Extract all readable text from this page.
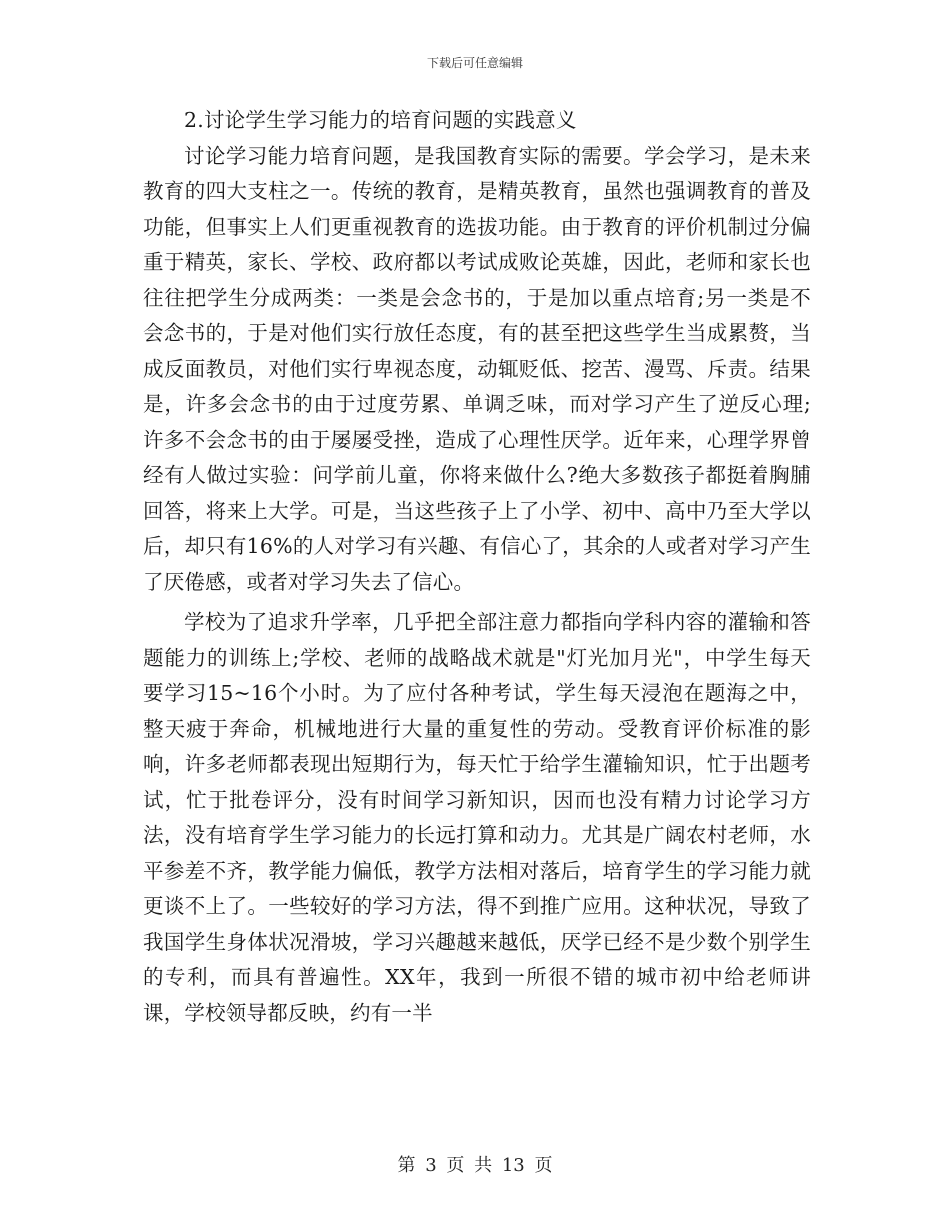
下载后可任意编辑

2.讨论学生学习能力的培育问题的实践意义

讨论学习能力培育问题，是我国教育实际的需要。学会学习，是未来教育的四大支柱之一。传统的教育，是精英教育，虽然也强调教育的普及功能，但事实上人们更重视教育的选拔功能。由于教育的评价机制过分偏重于精英，家长、学校、政府都以考试成败论英雄，因此，老师和家长也往往把学生分成两类：一类是会念书的，于是加以重点培育;另一类是不会念书的，于是对他们实行放任态度，有的甚至把这些学生当成累赘，当成反面教员，对他们实行卑视态度，动辄贬低、挖苦、漫骂、斥责。结果是，许多会念书的由于过度劳累、单调乏味，而对学习产生了逆反心理;许多不会念书的由于屡屡受挫，造成了心理性厌学。近年来，心理学界曾经有人做过实验：问学前儿童，你将来做什么?绝大多数孩子都挺着胸脯回答，将来上大学。可是，当这些孩子上了小学、初中、高中乃至大学以后，却只有16%的人对学习有兴趣、有信心了，其余的人或者对学习产生了厌倦感，或者对学习失去了信心。

学校为了追求升学率，几乎把全部注意力都指向学科内容的灌输和答题能力的训练上;学校、老师的战略战术就是"灯光加月光"，中学生每天要学习15~16个小时。为了应付各种考试，学生每天浸泡在题海之中，整天疲于奔命，机械地进行大量的重复性的劳动。受教育评价标准的影响，许多老师都表现出短期行为，每天忙于给学生灌输知识，忙于出题考试，忙于批卷评分，没有时间学习新知识，因而也没有精力讨论学习方法，没有培育学生学习能力的长远打算和动力。尤其是广阔农村老师，水平参差不齐，教学能力偏低，教学方法相对落后，培育学生的学习能力就更谈不上了。一些较好的学习方法，得不到推广应用。这种状况，导致了我国学生身体状况滑坡，学习兴趣越来越低，厌学已经不是少数个别学生的专利，而具有普遍性。XX年，我到一所很不错的城市初中给老师讲课，学校领导都反映，约有一半

第 3 页 共 13 页
